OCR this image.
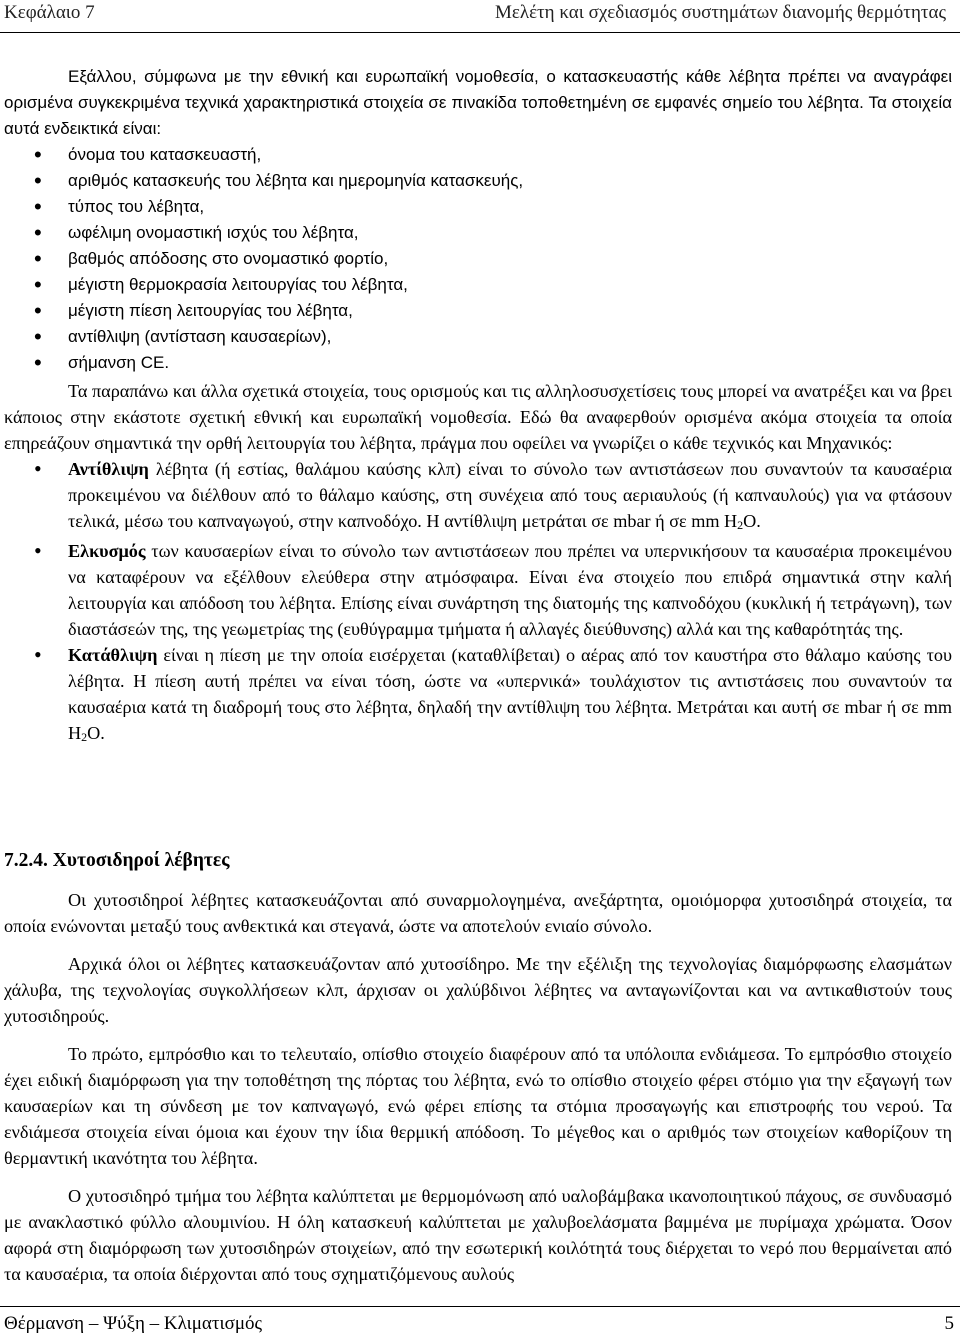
Κεφάλαιο 7	Μελέτη και σχεδιασμός συστημάτων διανομής θερμότητας

Εξάλλου, σύμφωνα με την εθνική και ευρωπαϊκή νομοθεσία, ο κατασκευαστής κάθε λέβητα πρέπει να αναγράφει ορισμένα συγκεκριμένα τεχνικά χαρακτηριστικά στοιχεία σε πινακίδα τοποθετημένη σε εμφανές σημείο του λέβητα. Τα στοιχεία αυτά ενδεικτικά είναι:

• όνομα του κατασκευαστή,
• αριθμός κατασκευής του λέβητα και ημερομηνία κατασκευής,
• τύπος του λέβητα,
• ωφέλιμη ονομαστική ισχύς του λέβητα,
• βαθμός απόδοσης στο ονομαστικό φορτίο,
• μέγιστη θερμοκρασία λειτουργίας του λέβητα,
• μέγιστη πίεση λειτουργίας του λέβητα,
• αντίθλιψη (αντίσταση καυσαερίων),
• σήμανση CE.

Τα παραπάνω και άλλα σχετικά στοιχεία, τους ορισμούς και τις αλληλοσυσχετίσεις τους μπορεί να ανατρέξει και να βρει κάποιος στην εκάστοτε σχετική εθνική και ευρωπαϊκή νομοθεσία. Εδώ θα αναφερθούν ορισμένα ακόμα στοιχεία τα οποία επηρεάζουν σημαντικά την ορθή λειτουργία του λέβητα, πράγμα που οφείλει να γνωρίζει ο κάθε τεχνικός και Μηχανικός:

• Αντίθλιψη λέβητα (ή εστίας, θαλάμου καύσης κλπ) είναι το σύνολο των αντιστάσεων που συναντούν τα καυσαέρια προκειμένου να διέλθουν από το θάλαμο καύσης, στη συνέχεια από τους αεριαυλούς (ή καπναυλούς) για να φτάσουν τελικά, μέσω του καπναγωγού, στην καπνοδόχο. Η αντίθλιψη μετράται σε mbar ή σε mm $H_2O$.
• Ελκυσμός των καυσαερίων είναι το σύνολο των αντιστάσεων που πρέπει να υπερνικήσουν τα καυσαέρια προκειμένου να καταφέρουν να εξέλθουν ελεύθερα στην ατμόσφαιρα. Είναι ένα στοιχείο που επιδρά σημαντικά στην καλή λειτουργία και απόδοση του λέβητα. Επίσης είναι συνάρτηση της διατομής της καπνοδόχου (κυκλική ή τετράγωνη), των διαστάσεών της, της γεωμετρίας της (ευθύγραμμα τμήματα ή αλλαγές διεύθυνσης) αλλά και της καθαρότητάς της.
• Κατάθλιψη είναι η πίεση με την οποία εισέρχεται (καταθλίβεται) ο αέρας από τον καυστήρα στο θάλαμο καύσης του λέβητα. Η πίεση αυτή πρέπει να είναι τόση, ώστε να «υπερνικά» τουλάχιστον τις αντιστάσεις που συναντούν τα καυσαέρια κατά τη διαδρομή τους στο λέβητα, δηλαδή την αντίθλιψη του λέβητα. Μετράται και αυτή σε mbar ή σε mm $H_2O$.
7.2.4. Χυτοσιδηροί λέβητες

Οι χυτοσιδηροί λέβητες κατασκευάζονται από συναρμολογημένα, ανεξάρτητα, ομοιόμορφα χυτοσιδηρά στοιχεία, τα οποία ενώνονται μεταξύ τους ανθεκτικά και στεγανά, ώστε να αποτελούν ενιαίο σύνολο.

Αρχικά όλοι οι λέβητες κατασκευάζονταν από χυτοσίδηρο. Με την εξέλιξη της τεχνολογίας διαμόρφωσης ελασμάτων χάλυβα, της τεχνολογίας συγκολλήσεων κλπ, άρχισαν οι χαλύβδινοι λέβητες να ανταγωνίζονται και να αντικαθιστούν τους χυτοσιδηρούς.

Το πρώτο, εμπρόσθιο και το τελευταίο, οπίσθιο στοιχείο διαφέρουν από τα υπόλοιπα ενδιάμεσα. Το εμπρόσθιο στοιχείο έχει ειδική διαμόρφωση για την τοποθέτηση της πόρτας του λέβητα, ενώ το οπίσθιο στοιχείο φέρει στόμιο για την εξαγωγή των καυσαερίων και τη σύνδεση με τον καπναγωγό, ενώ φέρει επίσης τα στόμια προσαγωγής και επιστροφής του νερού. Τα ενδιάμεσα στοιχεία είναι όμοια και έχουν την ίδια θερμική απόδοση. Το μέγεθος και ο αριθμός των στοιχείων καθορίζουν τη θερμαντική ικανότητα του λέβητα.

Ο χυτοσιδηρό τμήμα του λέβητα καλύπτεται με θερμομόνωση από υαλοβάμβακα ικανοποιητικού πάχους, σε συνδυασμό με ανακλαστικό φύλλο αλουμινίου. Η όλη κατασκευή καλύπτεται με χαλυβοελάσματα βαμμένα με πυρίμαχα χρώματα. Όσον αφορά στη διαμόρφωση των χυτοσιδηρών στοιχείων, από την εσωτερική κοιλότητά τους διέρχεται το νερό που θερμαίνεται από τα καυσαέρια, τα οποία διέρχονται από τους σχηματιζόμενους αυλούς

Θέρμανση – Ψύξη – Κλιματισμός	5
